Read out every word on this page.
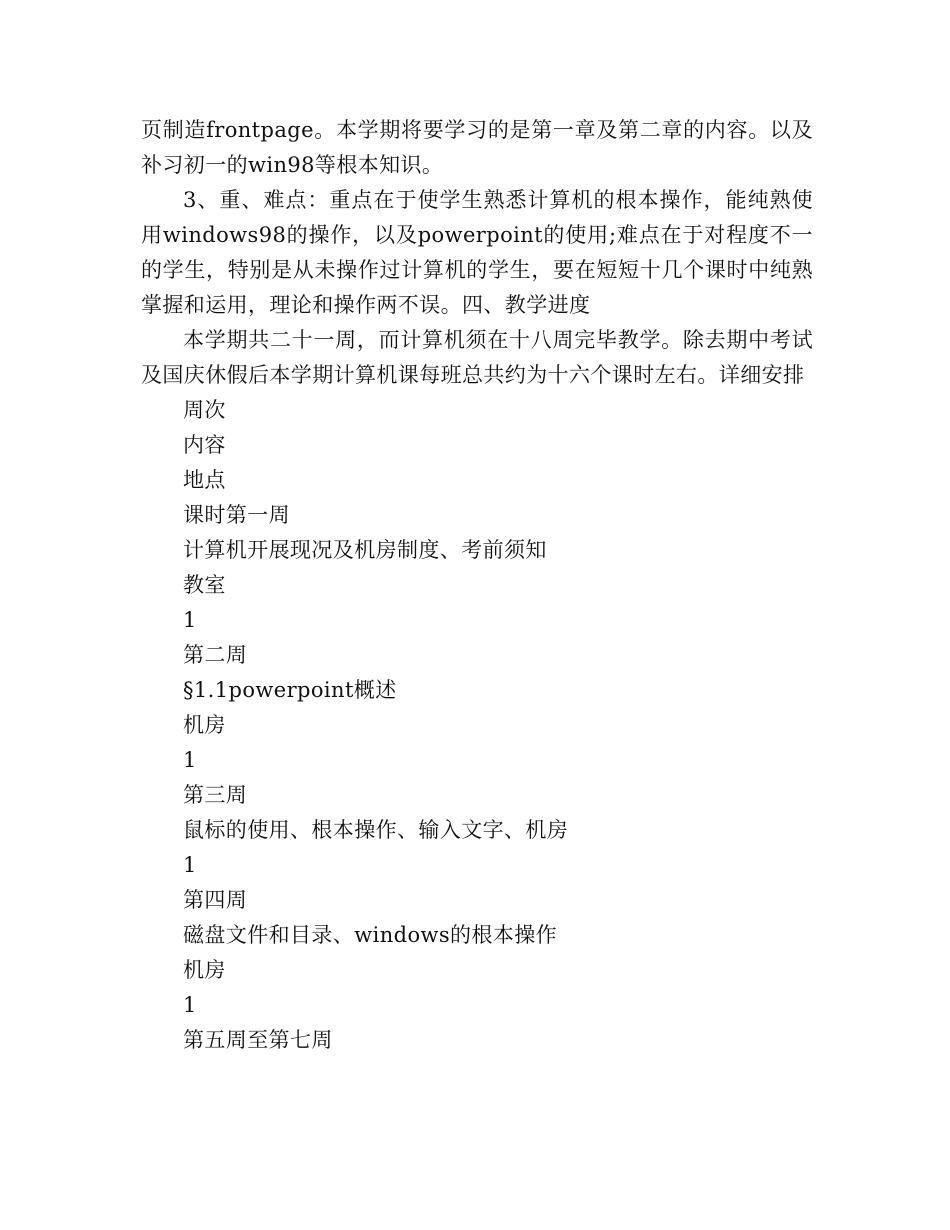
页制造frontpage。本学期将要学习的是第一章及第二章的内容。以及补习初一的win98等根本知识。

3、重、难点：重点在于使学生熟悉计算机的根本操作，能纯熟使用windows98的操作，以及powerpoint的使用;难点在于对程度不一的学生，特别是从未操作过计算机的学生，要在短短十几个课时中纯熟掌握和运用，理论和操作两不误。四、教学进度

本学期共二十一周，而计算机须在十八周完毕教学。除去期中考试及国庆休假后本学期计算机课每班总共约为十六个课时左右。详细安排

周次
内容
地点
课时第一周
计算机开展现况及机房制度、考前须知
教室
1
第二周
§1.1powerpoint概述
机房
1
第三周
鼠标的使用、根本操作、输入文字、机房
1
第四周
磁盘文件和目录、windows的根本操作
机房
1
第五周至第七周
